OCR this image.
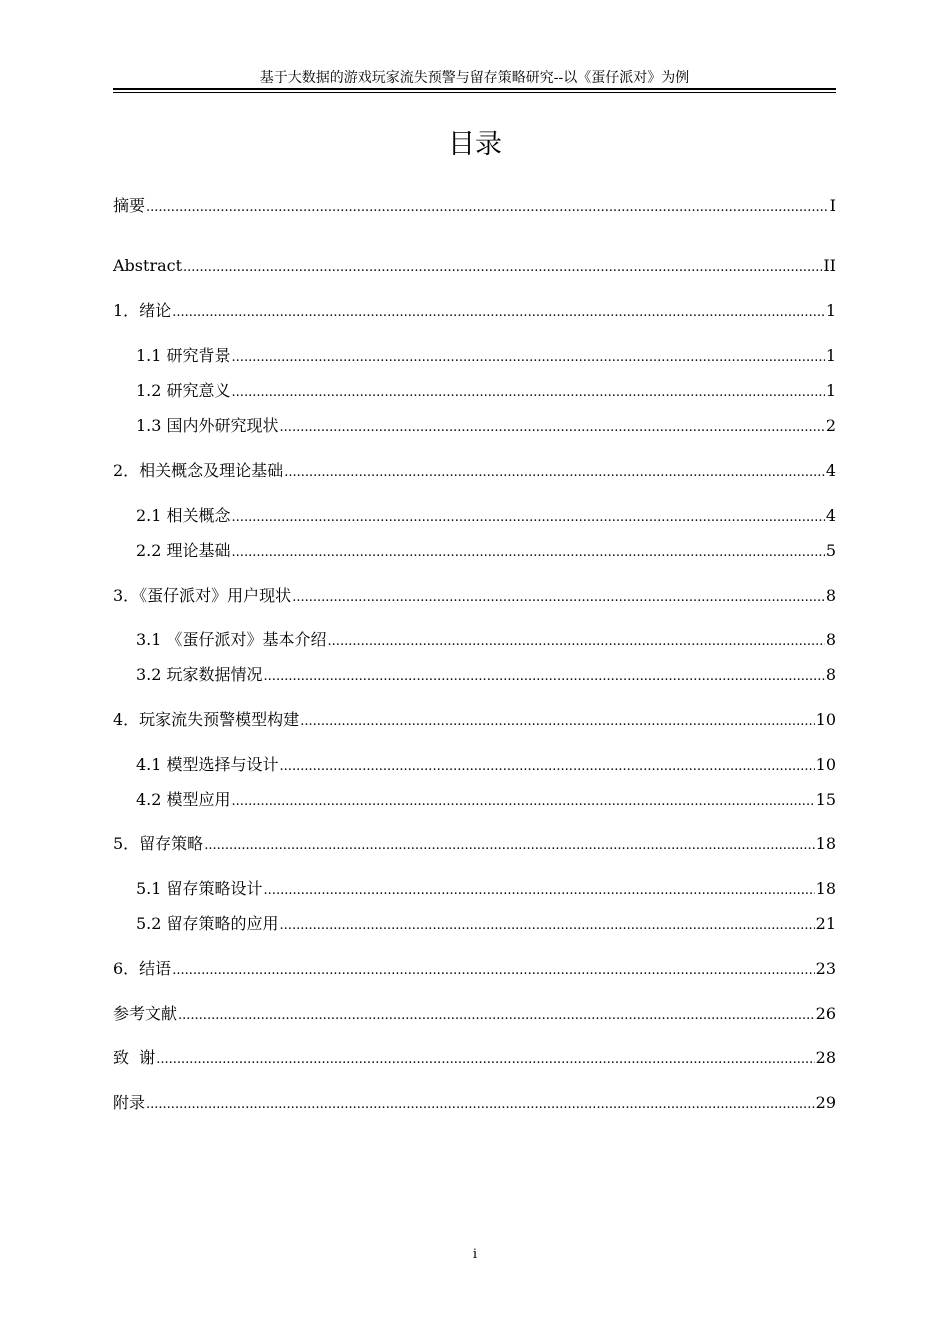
基于大数据的游戏玩家流失预警与留存策略研究--以《蛋仔派对》为例
目录
摘要 .....	I
Abstract .....	II
1．绪论 .....	1
1.1 研究背景 .....	1
1.2 研究意义 .....	1
1.3 国内外研究现状 .....	2
2．相关概念及理论基础 .....	4
2.1 相关概念 .....	4
2.2 理论基础 .....	5
3．《蛋仔派对》用户现状 .....	8
3.1 《蛋仔派对》基本介绍 .....	8
3.2 玩家数据情况 .....	8
4．玩家流失预警模型构建 .....	10
4.1 模型选择与设计 .....	10
4.2 模型应用 .....	15
5．留存策略 .....	18
5.1 留存策略设计 .....	18
5.2 留存策略的应用 .....	21
6．结语 .....	23
参考文献 .....	26
致  谢 .....	28
附录 .....	29
i
